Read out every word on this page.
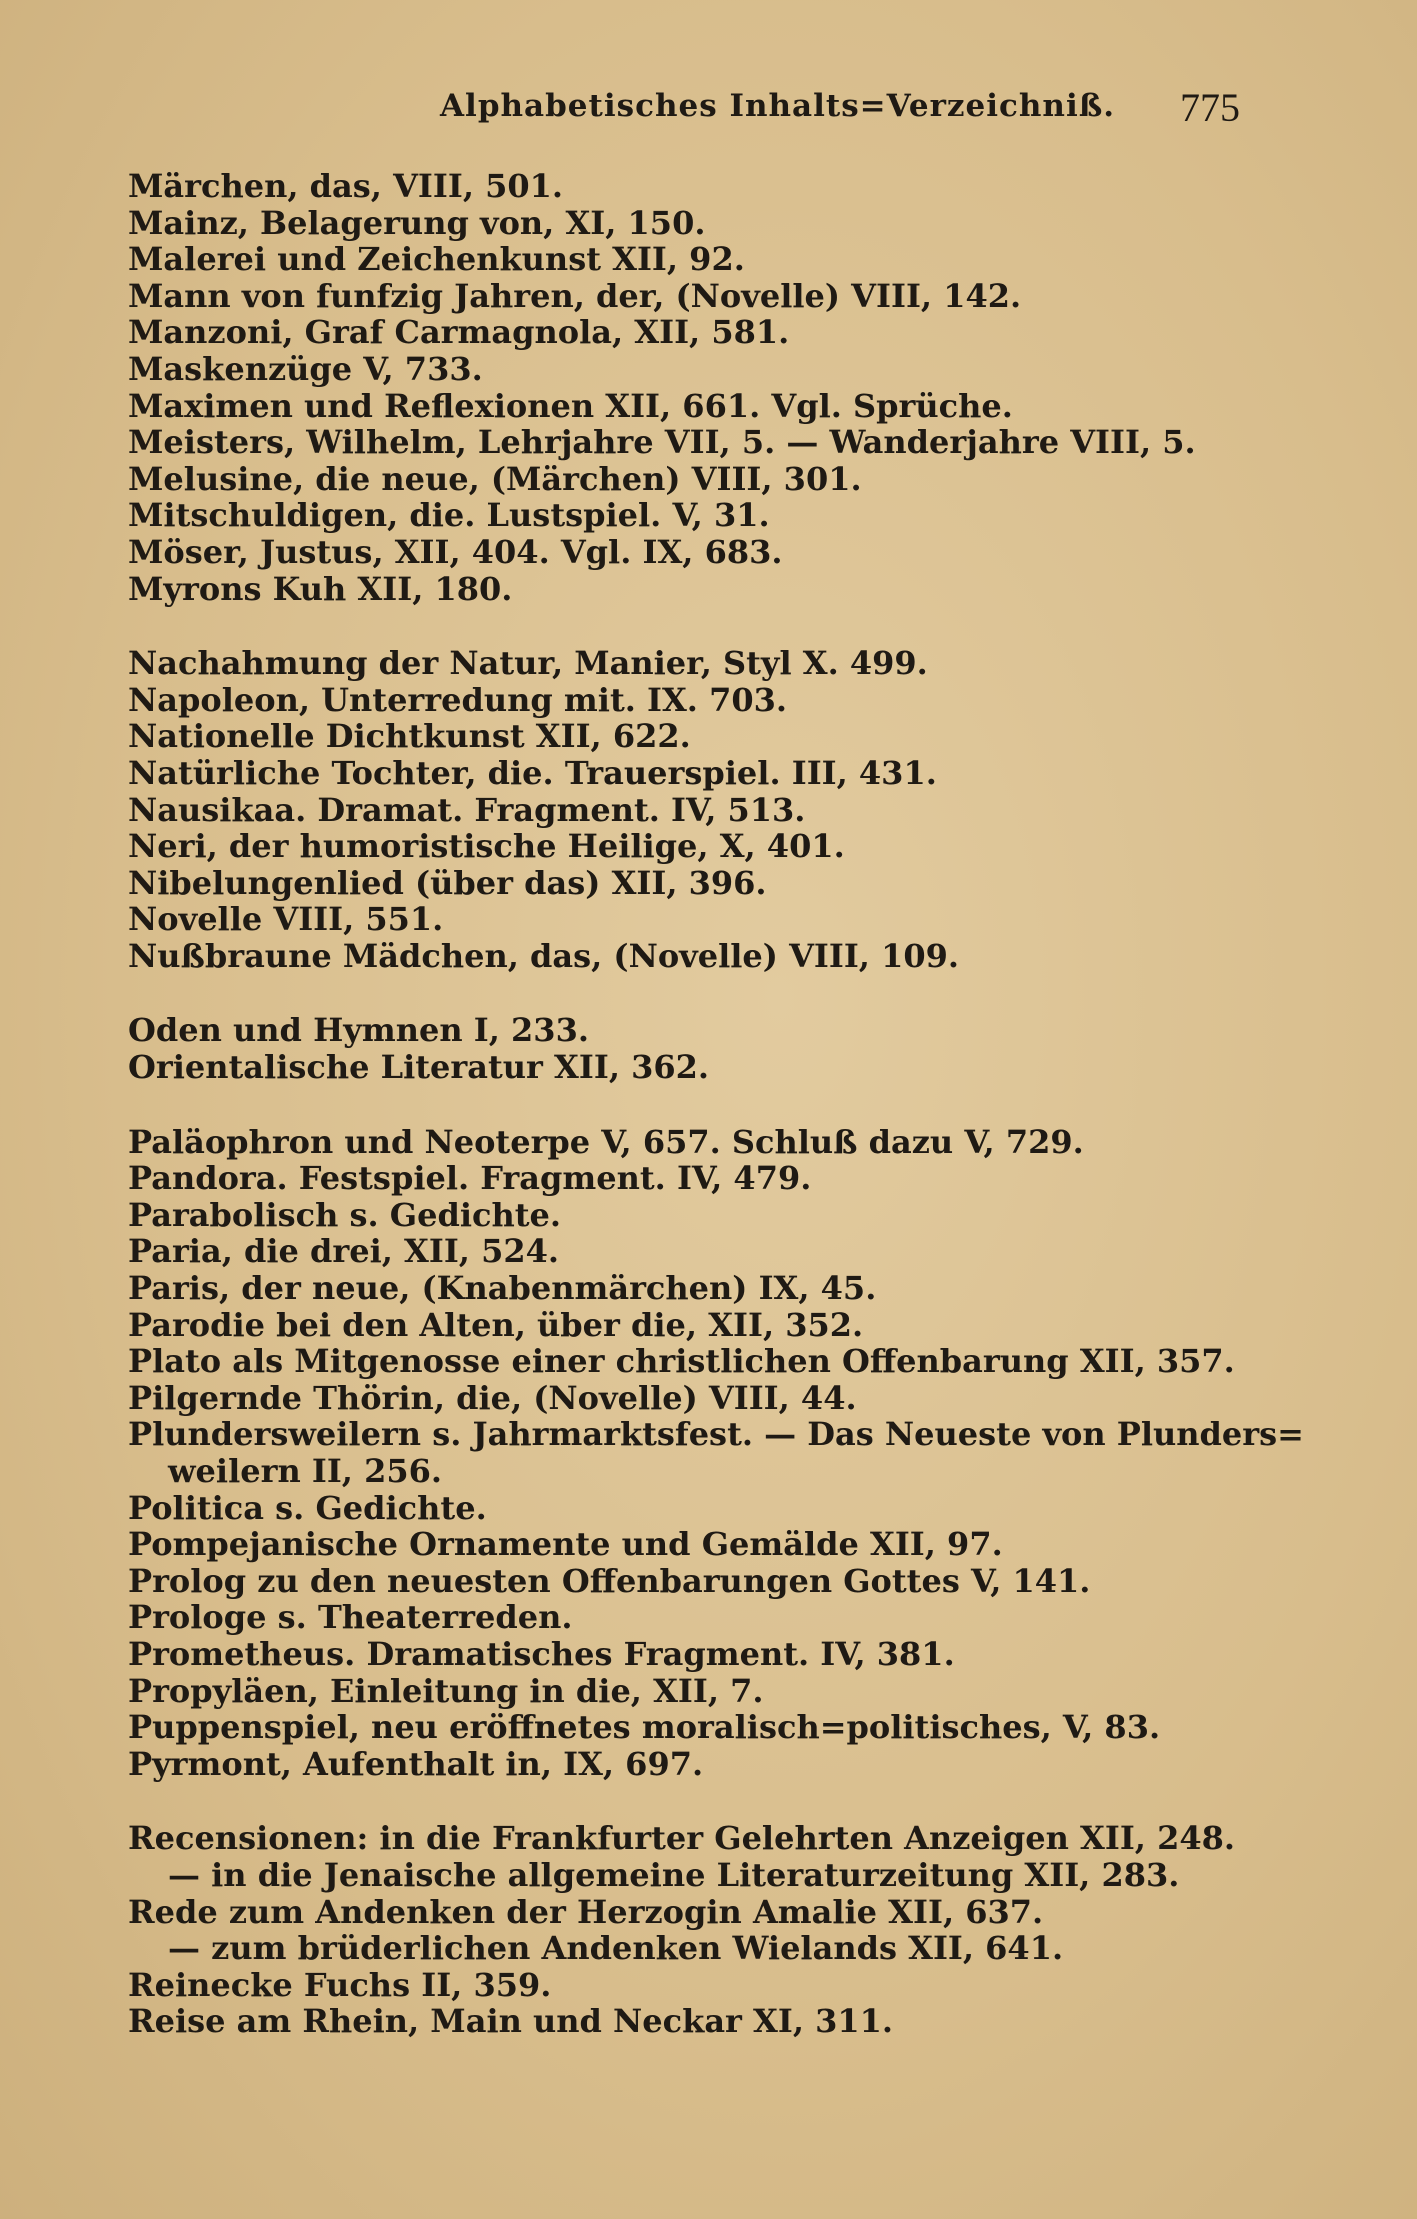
Alphabetisches Inhalts=Verzeichniß. 775
Märchen, das, VIII, 501.
Mainz, Belagerung von, XI, 150.
Malerei und Zeichenkunst XII, 92.
Mann von funfzig Jahren, der, (Novelle) VIII, 142.
Manzoni, Graf Carmagnola, XII, 581.
Maskenzüge V, 733.
Maximen und Reflexionen XII, 661. Vgl. Sprüche.
Meisters, Wilhelm, Lehrjahre VII, 5. — Wanderjahre VIII, 5.
Melusine, die neue, (Märchen) VIII, 301.
Mitschuldigen, die. Lustspiel. V, 31.
Möser, Justus, XII, 404. Vgl. IX, 683.
Myrons Kuh XII, 180.
Nachahmung der Natur, Manier, Styl X. 499.
Napoleon, Unterredung mit. IX. 703.
Nationelle Dichtkunst XII, 622.
Natürliche Tochter, die. Trauerspiel. III, 431.
Nausikaa. Dramat. Fragment. IV, 513.
Neri, der humoristische Heilige, X, 401.
Nibelungenlied (über das) XII, 396.
Novelle VIII, 551.
Nußbraune Mädchen, das, (Novelle) VIII, 109.
Oden und Hymnen I, 233.
Orientalische Literatur XII, 362.
Paläophron und Neoterpe V, 657. Schluß dazu V, 729.
Pandora. Festspiel. Fragment. IV, 479.
Parabolisch s. Gedichte.
Paria, die drei, XII, 524.
Paris, der neue, (Knabenmärchen) IX, 45.
Parodie bei den Alten, über die, XII, 352.
Plato als Mitgenosse einer christlichen Offenbarung XII, 357.
Pilgernde Thörin, die, (Novelle) VIII, 44.
Plundersweilern s. Jahrmarktsfest. — Das Neueste von Plunders=
weilern II, 256.
Politica s. Gedichte.
Pompejanische Ornamente und Gemälde XII, 97.
Prolog zu den neuesten Offenbarungen Gottes V, 141.
Prologe s. Theaterreden.
Prometheus. Dramatisches Fragment. IV, 381.
Propyläen, Einleitung in die, XII, 7.
Puppenspiel, neu eröffnetes moralisch=politisches, V, 83.
Pyrmont, Aufenthalt in, IX, 697.
Recensionen: in die Frankfurter Gelehrten Anzeigen XII, 248.
— in die Jenaische allgemeine Literaturzeitung XII, 283.
Rede zum Andenken der Herzogin Amalie XII, 637.
— zum brüderlichen Andenken Wielands XII, 641.
Reinecke Fuchs II, 359.
Reise am Rhein, Main und Neckar XI, 311.
